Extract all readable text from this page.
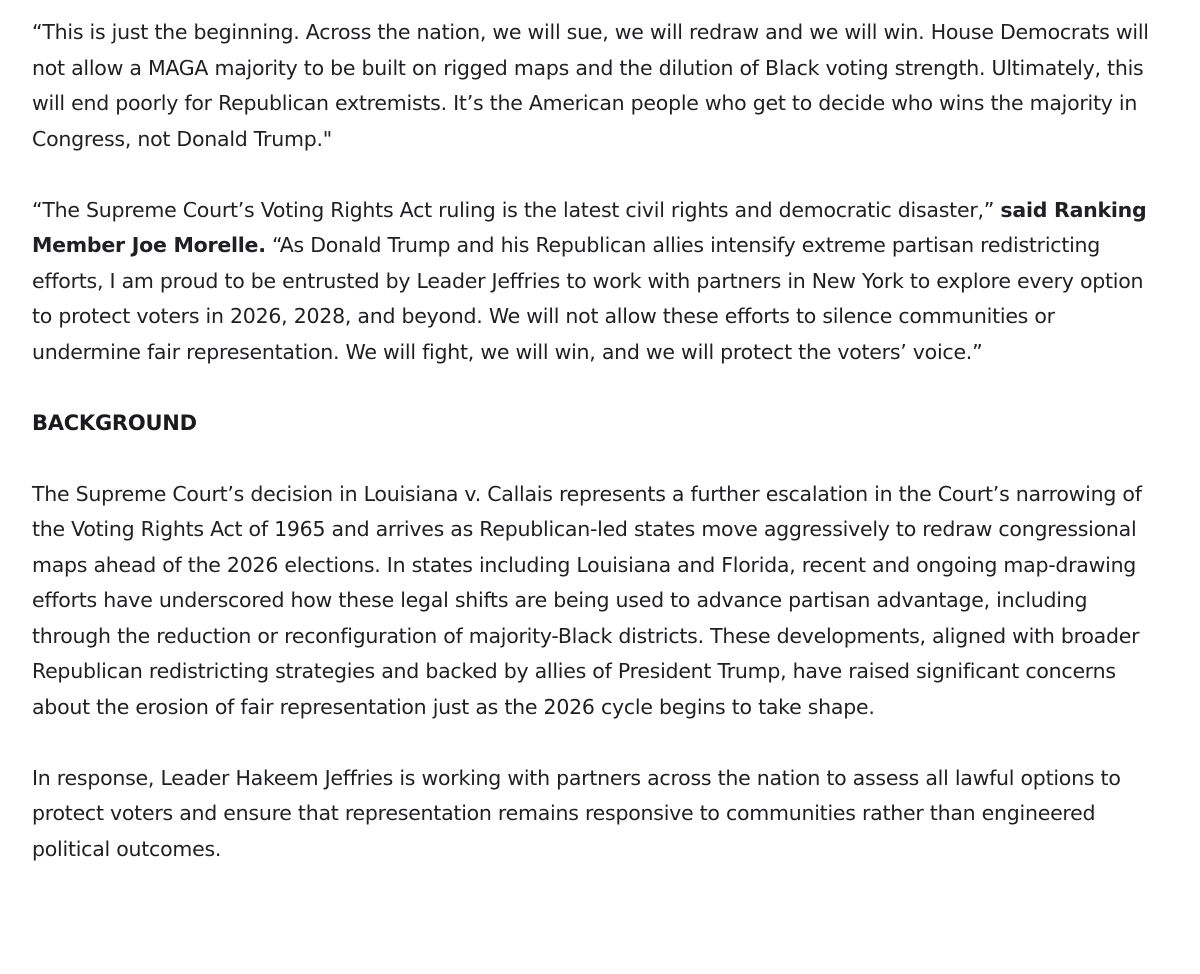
“This is just the beginning. Across the nation, we will sue, we will redraw and we will win. House Democrats will not allow a MAGA majority to be built on rigged maps and the dilution of Black voting strength. Ultimately, this will end poorly for Republican extremists. It’s the American people who get to decide who wins the majority in Congress, not Donald Trump."

“The Supreme Court’s Voting Rights Act ruling is the latest civil rights and democratic disaster,” said Ranking Member Joe Morelle. “As Donald Trump and his Republican allies intensify extreme partisan redistricting efforts, I am proud to be entrusted by Leader Jeffries to work with partners in New York to explore every option to protect voters in 2026, 2028, and beyond. We will not allow these efforts to silence communities or undermine fair representation. We will fight, we will win, and we will protect the voters’ voice.”

BACKGROUND

The Supreme Court’s decision in Louisiana v. Callais represents a further escalation in the Court’s narrowing of the Voting Rights Act of 1965 and arrives as Republican-led states move aggressively to redraw congressional maps ahead of the 2026 elections. In states including Louisiana and Florida, recent and ongoing map-drawing efforts have underscored how these legal shifts are being used to advance partisan advantage, including through the reduction or reconfiguration of majority-Black districts. These developments, aligned with broader Republican redistricting strategies and backed by allies of President Trump, have raised significant concerns about the erosion of fair representation just as the 2026 cycle begins to take shape.

In response, Leader Hakeem Jeffries is working with partners across the nation to assess all lawful options to protect voters and ensure that representation remains responsive to communities rather than engineered political outcomes.
